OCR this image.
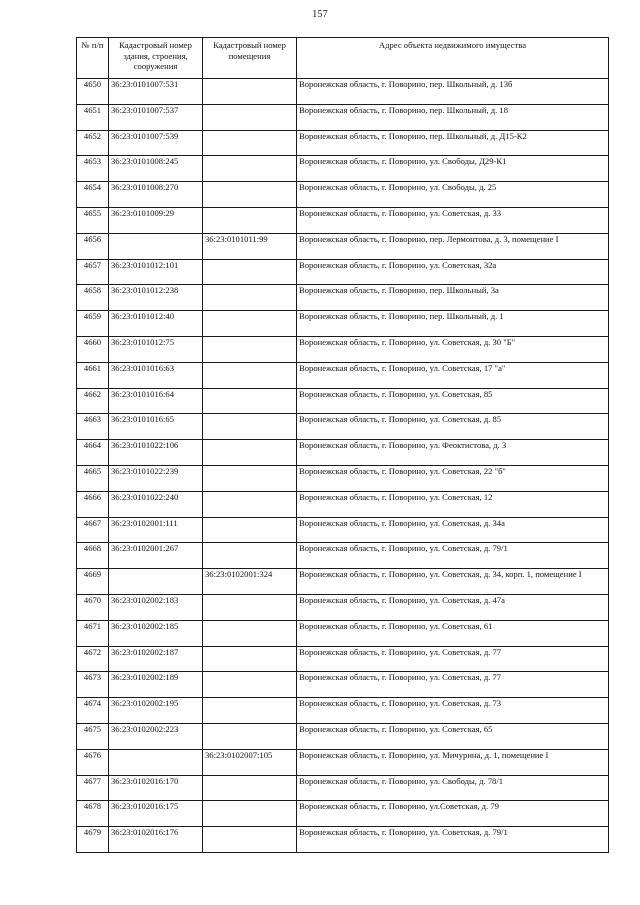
157
№ п/п	Кадастровый номер здания, строения, сооружения	Кадастровый номер помещения	Адрес объекта недвижимого имущества
4650	36:23:0101007:531		Воронежская область, г. Поворино, пер. Школьный, д. 13б
4651	36:23:0101007:537		Воронежская область, г. Поворино, пер. Школьный, д. 18
4652	36:23:0101007:539		Воронежская область, г. Поворино, пер. Школьный, д. Д15-К2
4653	36:23:0101008:245		Воронежская область, г. Поворино, ул. Свободы, Д29-К1
4654	36:23:0101008:270		Воронежская область, г. Поворино, ул. Свободы, д. 25
4655	36:23:0101009:29		Воронежская область, г. Поворино, ул. Советская, д. 33
4656		36:23:0101011:99	Воронежская область, г. Поворино, пер. Лермонтова, д. 3, помещение I
4657	36:23:0101012:101		Воронежская область, г. Поворино, ул. Советская, 32а
4658	36:23:0101012:238		Воронежская область, г. Поворино, пер. Школьный, 3а
4659	36:23:0101012:40		Воронежская область, г. Поворино, пер. Школьный, д. 1
4660	36:23:0101012:75		Воронежская область, г. Поворино, ул. Советская, д. 30 "Б"
4661	36:23:0101016:63		Воронежская область, г. Поворино, ул. Советская, 17 "а"
4662	36:23:0101016:64		Воронежская область, г. Поворино, ул. Советская, 85
4663	36:23:0101016:65		Воронежская область, г. Поворино, ул. Советская, д. 85
4664	36:23:0101022:106		Воронежская область, г. Поворино, ул. Феоктистова, д. 3
4665	36:23:0101022:239		Воронежская область, г. Поворино, ул. Советская, 22 "б"
4666	36:23:0101022:240		Воронежская область, г. Поворино, ул. Советская, 12
4667	36:23:0102001:111		Воронежская область, г. Поворино, ул. Советская, д. 34а
4668	36:23:0102001:267		Воронежская область, г. Поворино, ул. Советская, д. 79/1
4669		36:23:0102001:324	Воронежская область, г. Поворино, ул. Советская, д. 34, корп. 1, помещение I
4670	36:23:0102002:183		Воронежская область, г. Поворино, ул. Советская, д. 47а
4671	36:23:0102002:185		Воронежская область, г. Поворино, ул. Советская, 61
4672	36:23:0102002:187		Воронежская область, г. Поворино, ул. Советская, д. 77
4673	36:23:0102002:189		Воронежская область, г. Поворино, ул. Советская, д. 77
4674	36:23:0102002:195		Воронежская область, г. Поворино, ул. Советская, д. 73
4675	36:23:0102002:223		Воронежская область, г. Поворино, ул. Советская, 65
4676		36:23:0102007:105	Воронежская область, г. Поворино, ул. Мичурина, д. 1, помещение I
4677	36:23:0102016:170		Воронежская область, г. Поворино, ул. Свободы, д. 78/1
4678	36:23:0102016:175		Воронежская область, г. Поворино, ул.Советская, д. 79
4679	36:23:0102016:176		Воронежская область, г. Поворино, ул. Советская, д. 79/1
